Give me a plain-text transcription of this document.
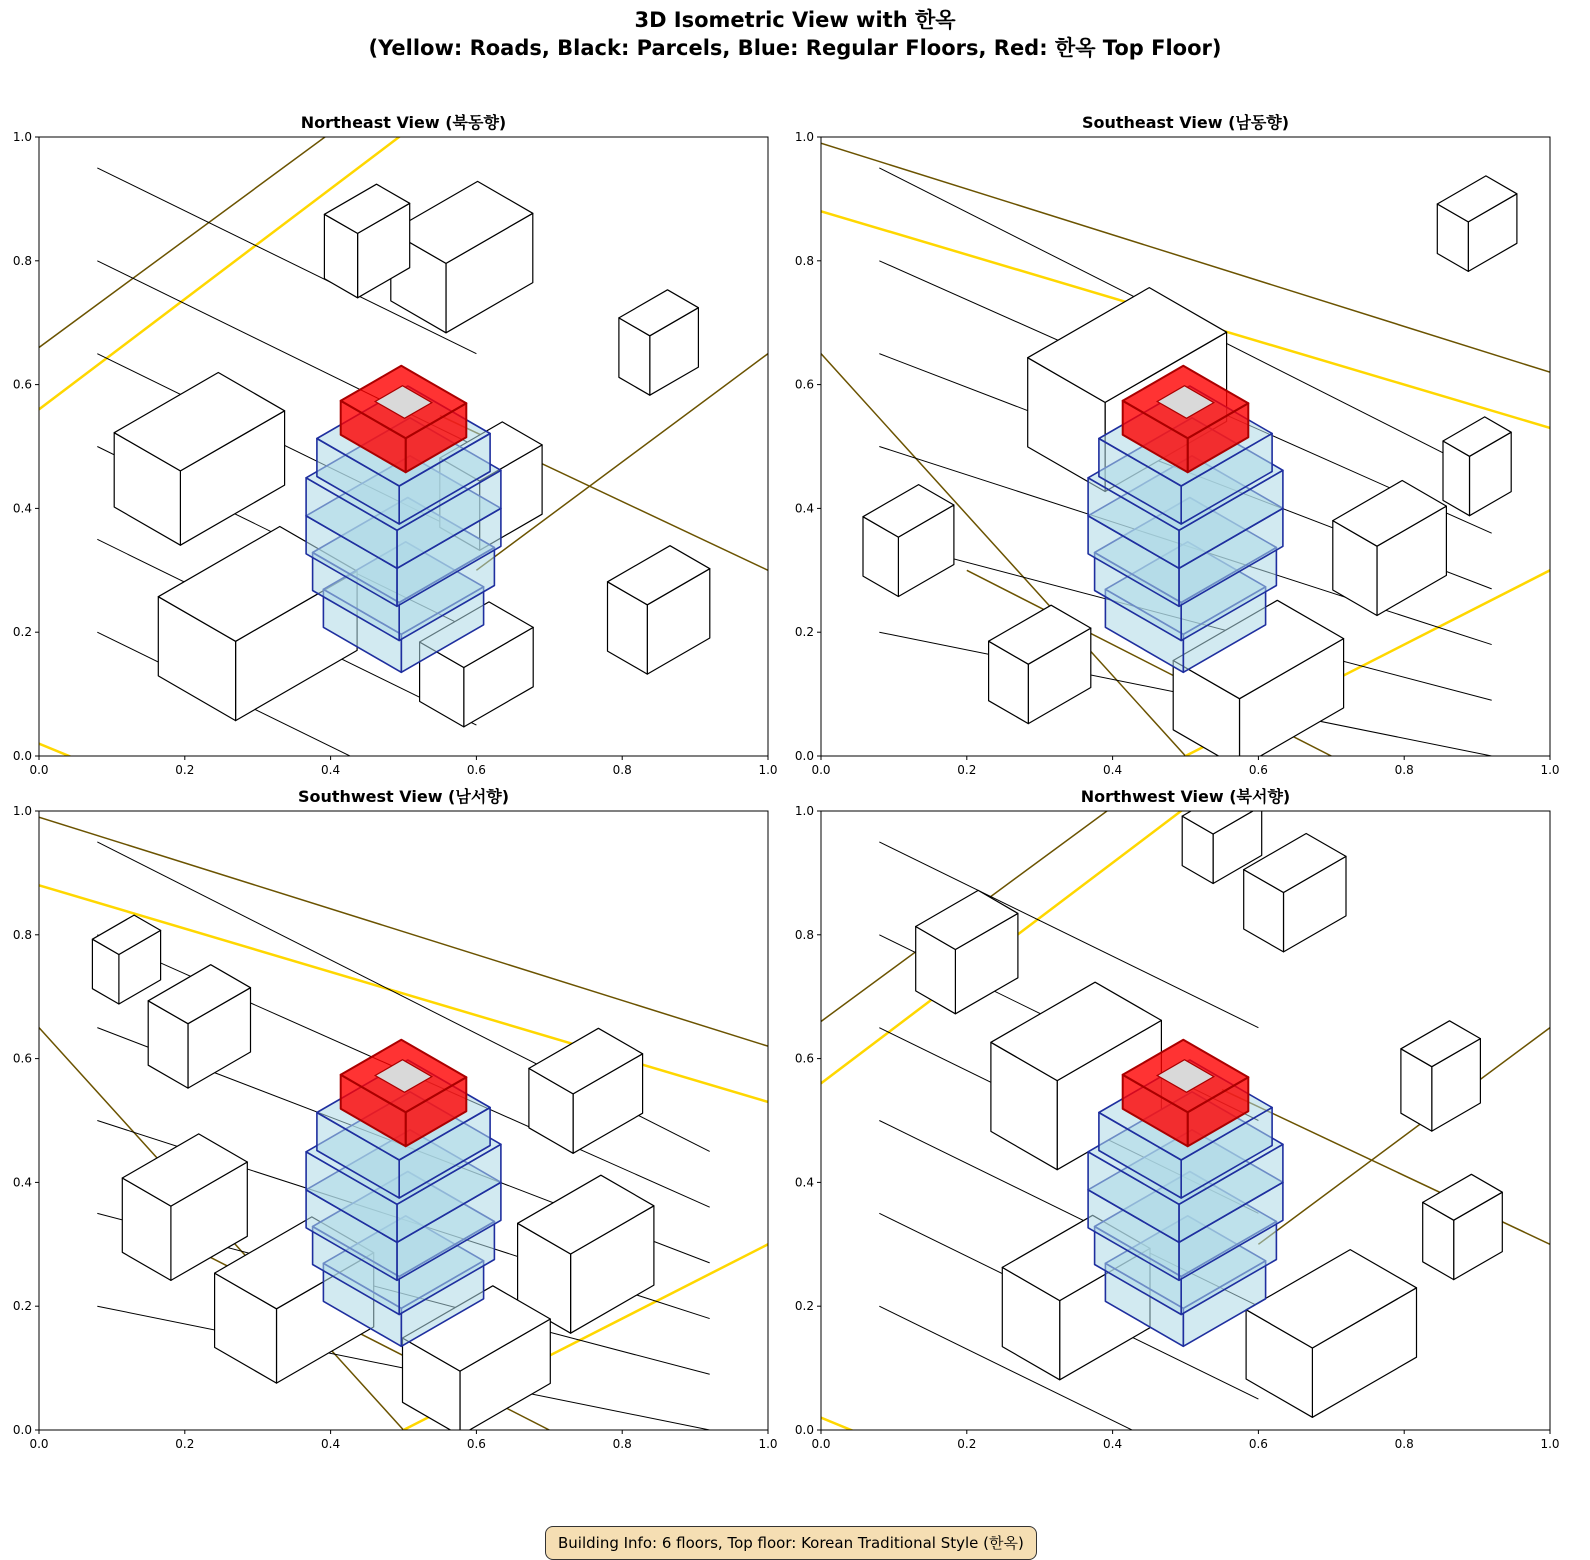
3D Isometric View with 한옥
(Yellow: Roads, Black: Parcels, Blue: Regular Floors, Red: 한옥 Top Floor)
Northeast View (북동향)
0.0	0.2	0.4	0.6	0.8	1.0
0.0
0.2
0.4
0.6
0.8
1.0
Southeast View (남동향)
0.0	0.2	0.4	0.6	0.8	1.0
0.0
0.2
0.4
0.6
0.8
1.0
Southwest View (남서향)
0.0	0.2	0.4	0.6	0.8	1.0
0.0
0.2
0.4
0.6
0.8
1.0
Northwest View (북서향)
0.0	0.2	0.4	0.6	0.8	1.0
0.0
0.2
0.4
0.6
0.8
1.0
Building Info: 6 floors, Top floor: Korean Traditional Style (한옥)
